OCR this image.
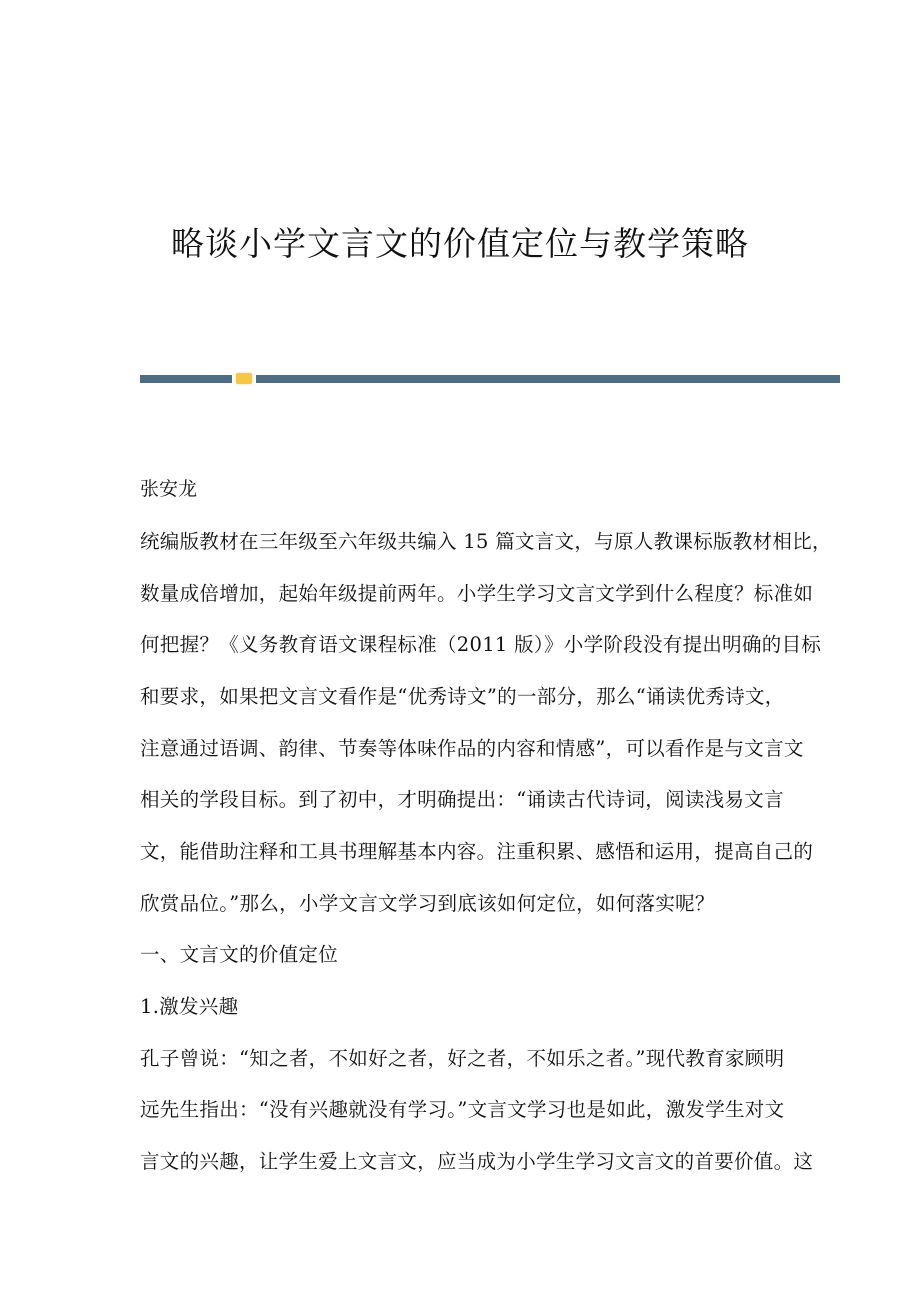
略谈小学文言文的价值定位与教学策略
张安龙
统编版教材在三年级至六年级共编入 15 篇文言文，与原人教课标版教材相比，
数量成倍增加，起始年级提前两年。小学生学习文言文学到什么程度？标准如
何把握？《义务教育语文课程标准（2011 版）》小学阶段没有提出明确的目标
和要求，如果把文言文看作是“优秀诗文”的一部分，那么“诵读优秀诗文，
注意通过语调、韵律、节奏等体味作品的内容和情感”，可以看作是与文言文
相关的学段目标。到了初中，才明确提出：“诵读古代诗词，阅读浅易文言
文，能借助注释和工具书理解基本内容。注重积累、感悟和运用，提高自己的
欣赏品位。”那么，小学文言文学习到底该如何定位，如何落实呢？
一、文言文的价值定位
1.激发兴趣
孔子曾说：“知之者，不如好之者，好之者，不如乐之者。”现代教育家顾明
远先生指出：“没有兴趣就没有学习。”文言文学习也是如此，激发学生对文
言文的兴趣，让学生爱上文言文，应当成为小学生学习文言文的首要价值。这
